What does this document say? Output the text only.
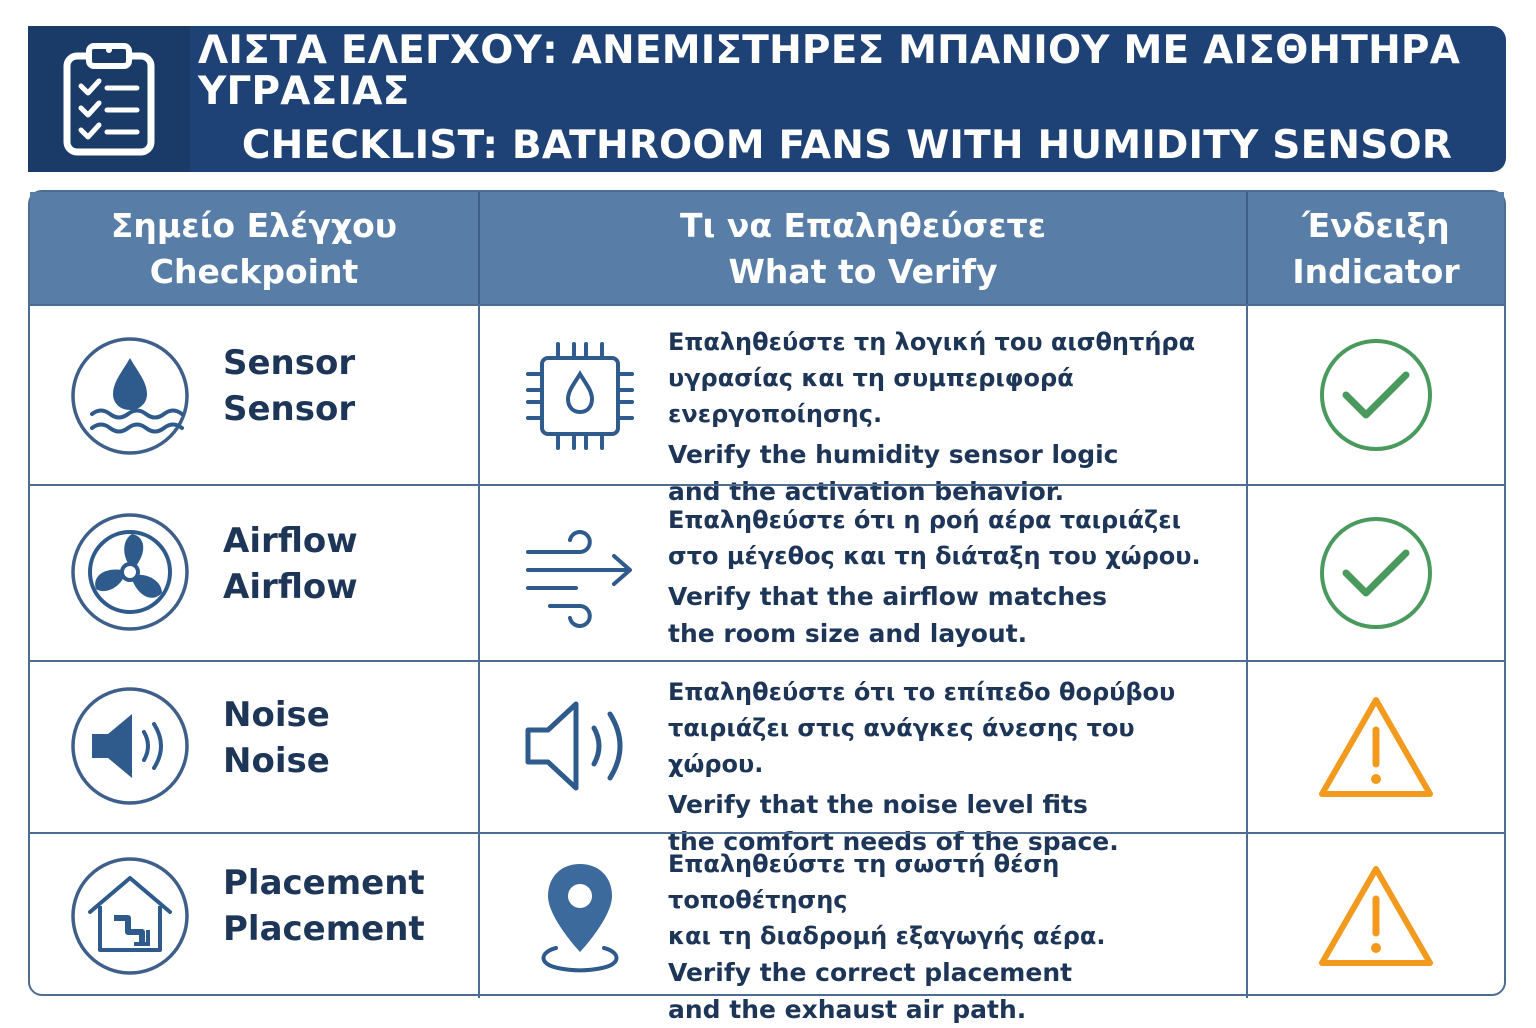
ΛΙΣΤΑ ΕΛΕΓΧΟΥ: ΑΝΕΜΙΣΤΗΡΕΣ ΜΠΑΝΙΟΥ ΜΕ ΑΙΣΘΗΤΗΡΑ ΥΓΡΑΣΙΑΣ
CHECKLIST: BATHROOM FANS WITH HUMIDITY SENSOR
Σημείο Ελέγχου
Checkpoint
Τι να Επαληθεύσετε
What to Verify
Ένδειξη
Indicator
Sensor
Sensor
Επαληθεύστε τη λογική του αισθητήρα
υγρασίας και τη συμπεριφορά ενεργοποίησης.
Verify the humidity sensor logic
and the activation behavior.
Airflow
Airflow
Επαληθεύστε ότι η ροή αέρα ταιριάζει
στο μέγεθος και τη διάταξη του χώρου.
Verify that the airflow matches
the room size and layout.
Noise
Noise
Επαληθεύστε ότι το επίπεδο θορύβου
ταιριάζει στις ανάγκες άνεσης του χώρου.
Verify that the noise level fits
the comfort needs of the space.
Placement
Placement
Επαληθεύστε τη σωστή θέση τοποθέτησης
και τη διαδρομή εξαγωγής αέρα.
Verify the correct placement
and the exhaust air path.
